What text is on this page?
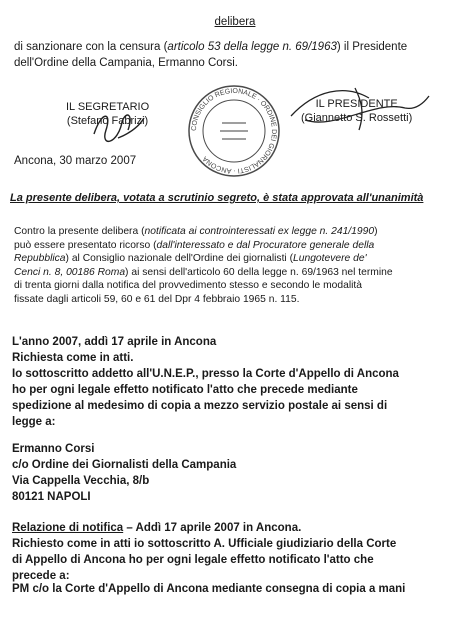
delibera
di sanzionare con la censura (articolo 53 della legge n. 69/1963) il Presidente
dell'Ordine della Campania, Ermanno Corsi.
IL SEGRETARIO
(Stefano Fabrizi)
CONSIGLIO REGIONALE · ORDINE DEI GIORNALISTI · ANCONA
IL PRESIDENTE
(Giannetto S. Rossetti)
Ancona, 30 marzo 2007
La presente delibera, votata a scrutinio segreto, è stata approvata all'unanimità
Contro la presente delibera (notificata ai controinteressati ex legge n. 241/1990)
può essere presentato ricorso (dall'interessato e dal Procuratore generale della
Repubblica) al Consiglio nazionale dell'Ordine dei giornalisti (Lungotevere de'
Cenci n. 8, 00186 Roma) ai sensi dell'articolo 60 della legge n. 69/1963 nel termine
di trenta giorni dalla notifica del provvedimento stesso e secondo le modalità
fissate dagli articoli 59, 60 e 61 del Dpr 4 febbraio 1965 n. 115.
L'anno 2007, addì 17 aprile in Ancona
Richiesta come in atti.
Io sottoscritto addetto all'U.N.E.P., presso la Corte d'Appello di Ancona
ho per ogni legale effetto notificato l'atto che precede mediante
spedizione al medesimo di copia a mezzo servizio postale ai sensi di
legge a:
Ermanno Corsi
c/o Ordine dei Giornalisti della Campania
Via Cappella Vecchia, 8/b
80121 NAPOLI
Relazione di notifica – Addì 17 aprile 2007 in Ancona.
Richiesto come in atti io sottoscritto A. Ufficiale giudiziario della Corte
di Appello di Ancona ho per ogni legale effetto notificato l'atto che
precede a:
PM c/o la Corte d'Appello di Ancona mediante consegna di copia a mani
